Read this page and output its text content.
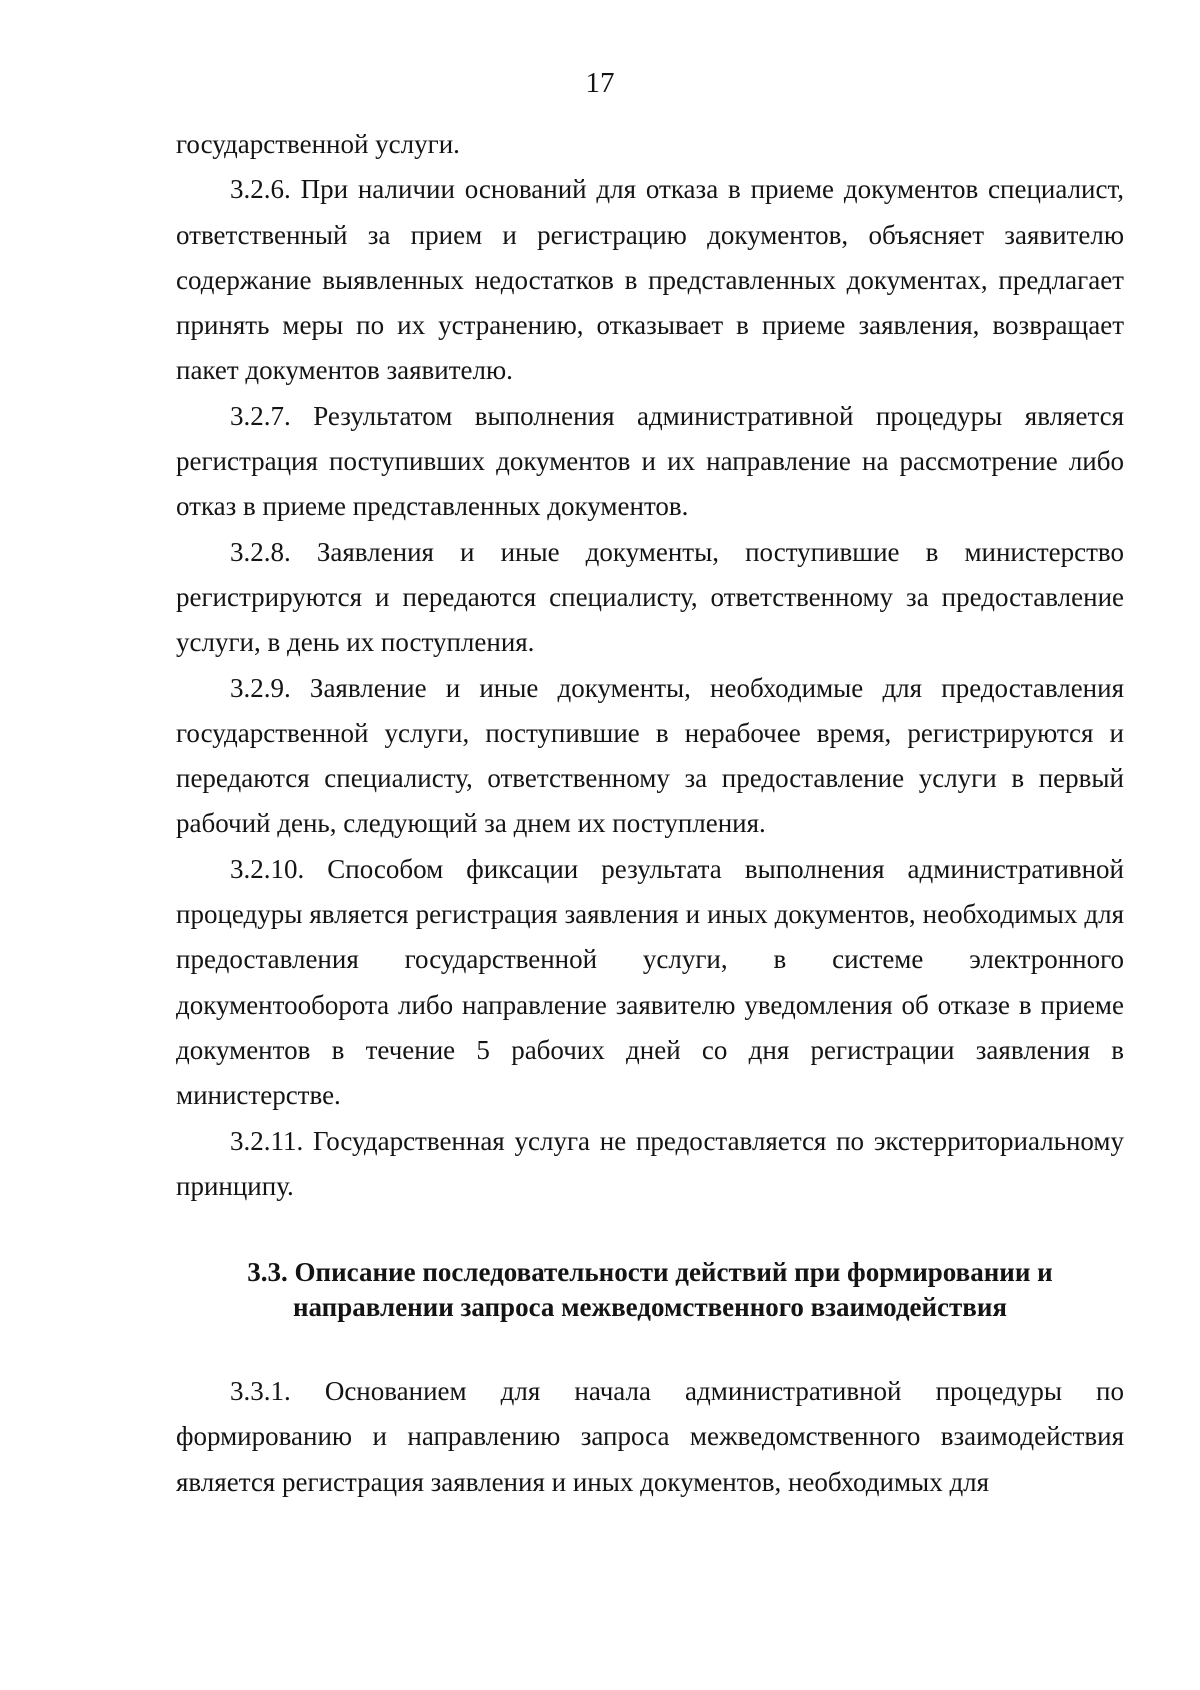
17

государственной услуги.

3.2.6. При наличии оснований для отказа в приеме документов специалист, ответственный за прием и регистрацию документов, объясняет заявителю содержание выявленных недостатков в представленных документах, предлагает принять меры по их устранению, отказывает в приеме заявления, возвращает пакет документов заявителю.

3.2.7. Результатом выполнения административной процедуры является регистрация поступивших документов и их направление на рассмотрение либо отказ в приеме представленных документов.

3.2.8. Заявления и иные документы, поступившие в министерство регистрируются и передаются специалисту, ответственному за предоставление услуги, в день их поступления.

3.2.9. Заявление и иные документы, необходимые для предоставления государственной услуги, поступившие в нерабочее время, регистрируются и передаются специалисту, ответственному за предоставление услуги в первый рабочий день, следующий за днем их поступления.

3.2.10. Способом фиксации результата выполнения административной процедуры является регистрация заявления и иных документов, необходимых для предоставления государственной услуги, в системе электронного документооборота либо направление заявителю уведомления об отказе в приеме документов в течение 5 рабочих дней со дня регистрации заявления в министерстве.

3.2.11. Государственная услуга не предоставляется по экстерриториальному принципу.

3.3. Описание последовательности действий при формировании и
направлении запроса межведомственного взаимодействия

3.3.1. Основанием для начала административной процедуры по формированию и направлению запроса межведомственного взаимодействия является регистрация заявления и иных документов, необходимых для
